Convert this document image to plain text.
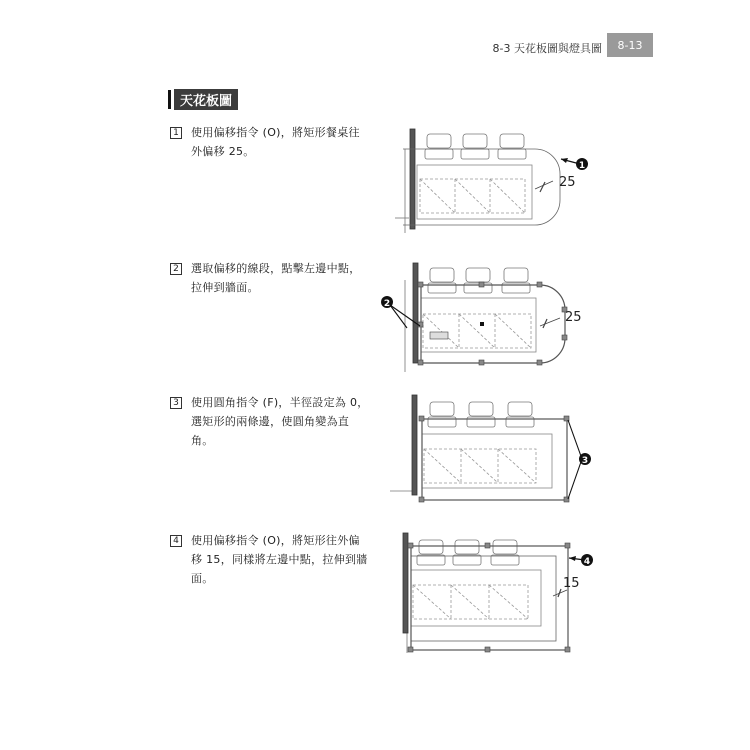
8-3 天花板圖與燈具圖	8-13
天花板圖
1 使用偏移指令 (O)，將矩形餐桌往外偏移 25。
2 選取偏移的線段，點擊左邊中點，拉伸到牆面。
3 使用圓角指令 (F)，半徑設定為 0，選矩形的兩條邊，使圓角變為直角。
4 使用偏移指令 (O)，將矩形往外偏移 15，同樣將左邊中點，拉伸到牆面。
1
25
2
25
3
4
15
